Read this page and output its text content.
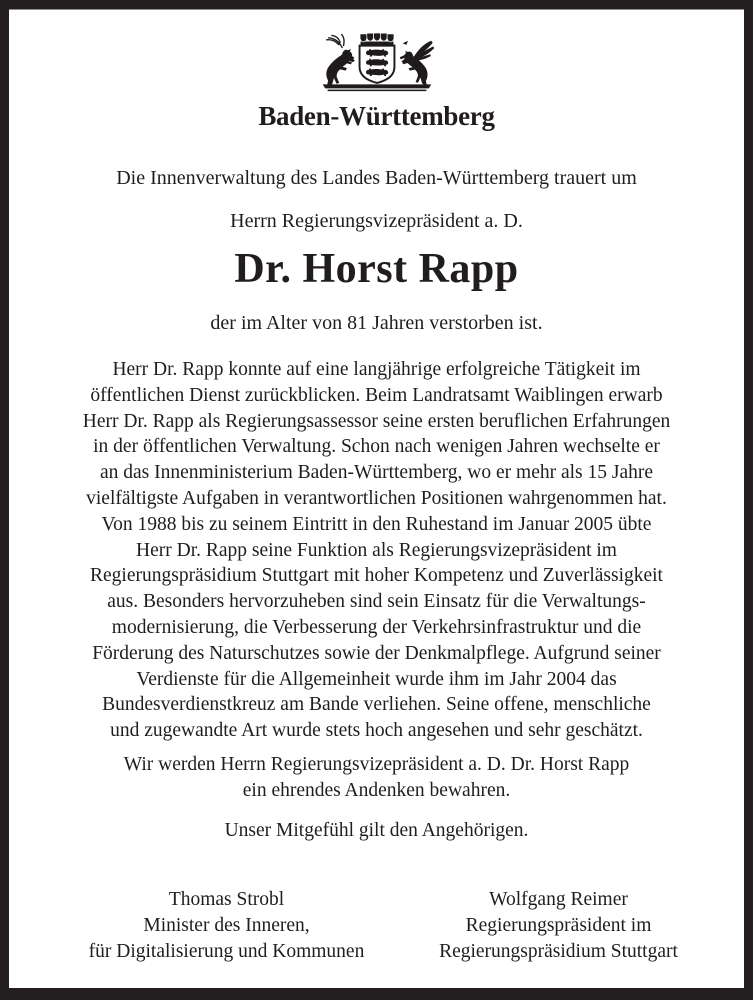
Baden-Württemberg
Die Innenverwaltung des Landes Baden-Württemberg trauert um
Herrn Regierungsvizepräsident a. D.
Dr. Horst Rapp
der im Alter von 81 Jahren verstorben ist.
Herr Dr. Rapp konnte auf eine langjährige erfolgreiche Tätigkeit im
öffentlichen Dienst zurückblicken. Beim Landratsamt Waiblingen erwarb
Herr Dr. Rapp als Regierungsassessor seine ersten beruflichen Erfahrungen
in der öffentlichen Verwaltung. Schon nach wenigen Jahren wechselte er
an das Innenministerium Baden-Württemberg, wo er mehr als 15 Jahre
vielfältigste Aufgaben in verantwortlichen Positionen wahrgenommen hat.
Von 1988 bis zu seinem Eintritt in den Ruhestand im Januar 2005 übte
Herr Dr. Rapp seine Funktion als Regierungsvizepräsident im
Regierungspräsidium Stuttgart mit hoher Kompetenz und Zuverlässigkeit
aus. Besonders hervorzuheben sind sein Einsatz für die Verwaltungs-
modernisierung, die Verbesserung der Verkehrsinfrastruktur und die
Förderung des Naturschutzes sowie der Denkmalpflege. Aufgrund seiner
Verdienste für die Allgemeinheit wurde ihm im Jahr 2004 das
Bundesverdienstkreuz am Bande verliehen. Seine offene, menschliche
und zugewandte Art wurde stets hoch angesehen und sehr geschätzt.
Wir werden Herrn Regierungsvizepräsident a. D. Dr. Horst Rapp
ein ehrendes Andenken bewahren.
Unser Mitgefühl gilt den Angehörigen.
Thomas Strobl
Minister des Inneren,
für Digitalisierung und Kommunen
Wolfgang Reimer
Regierungspräsident im
Regierungspräsidium Stuttgart
